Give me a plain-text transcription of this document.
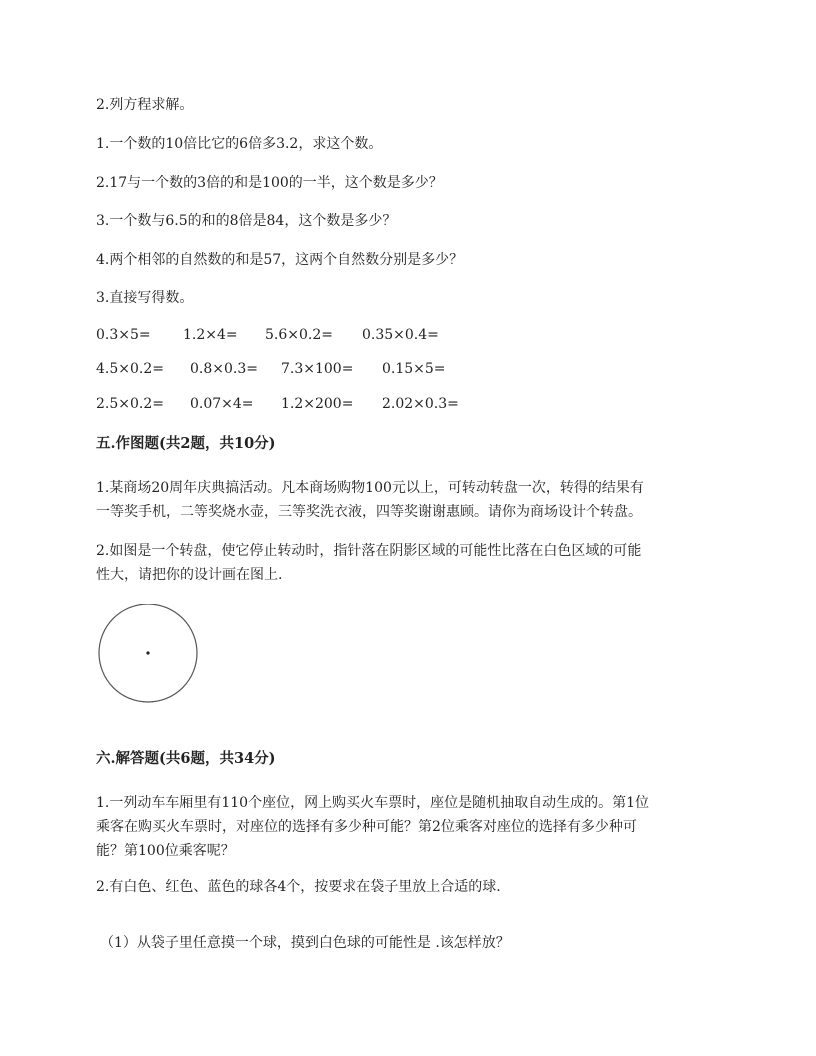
2.列方程求解。
1.一个数的10倍比它的6倍多3.2，求这个数。
2.17与一个数的3倍的和是100的一半，这个数是多少？
3.一个数与6.5的和的8倍是84，这个数是多少？
4.两个相邻的自然数的和是57，这两个自然数分别是多少？
3.直接写得数。
0.3×5= 1.2×4= 5.6×0.2= 0.35×0.4=
4.5×0.2= 0.8×0.3= 7.3×100= 0.15×5=
2.5×0.2= 0.07×4= 1.2×200= 2.02×0.3=
五.作图题(共2题，共10分)
1.某商场20周年庆典搞活动。凡本商场购物100元以上，可转动转盘一次，转得的结果有
一等奖手机，二等奖烧水壶，三等奖洗衣液，四等奖谢谢惠顾。请你为商场设计个转盘。
2.如图是一个转盘，使它停止转动时，指针落在阴影区域的可能性比落在白色区域的可能
性大，请把你的设计画在图上.
六.解答题(共6题，共34分)
1.一列动车车厢里有110个座位，网上购买火车票时，座位是随机抽取自动生成的。第1位
乘客在购买火车票时，对座位的选择有多少种可能？第2位乘客对座位的选择有多少种可
能？第100位乘客呢？
2.有白色、红色、蓝色的球各4个，按要求在袋子里放上合适的球.
（1）从袋子里任意摸一个球，摸到白色球的可能性是 .该怎样放？
